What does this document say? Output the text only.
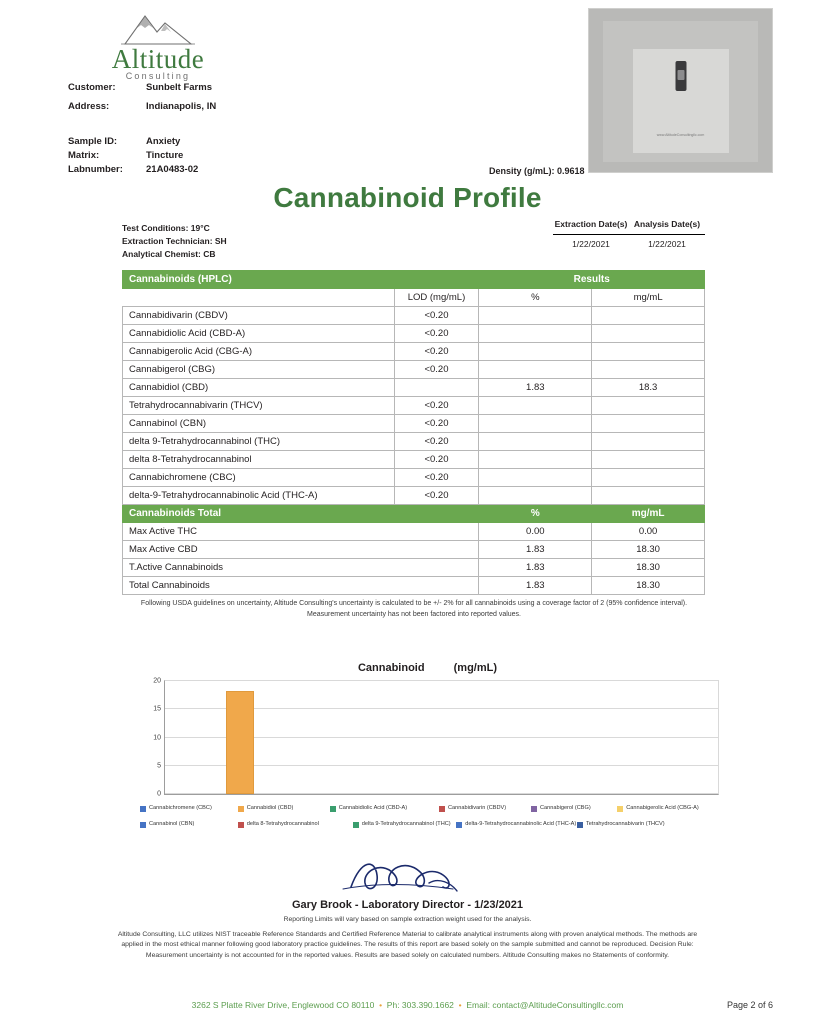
Altitude
Consulting
Customer:	Sunbelt Farms
Address:	Indianapolis, IN
Sample ID:	Anxiety
Matrix:	Tincture
Labnumber:	21A0483-02
www.AltitudeConsultingllc.com
Density (g/mL): 0.9618
Cannabinoid Profile
Test Conditions: 19°C
Extraction Technician: SH
Analytical Chemist: CB
Extraction Date(s) Analysis Date(s)
1/22/2021	1/22/2021
Cannabinoids (HPLC)		Results	
	LOD (mg/mL)	%	mg/mL
Cannabidivarin (CBDV)	<0.20		
Cannabidiolic Acid (CBD-A)	<0.20		
Cannabigerolic Acid (CBG-A)	<0.20		
Cannabigerol (CBG)	<0.20		
Cannabidiol (CBD)		1.83	18.3
Tetrahydrocannabivarin (THCV)	<0.20		
Cannabinol (CBN)	<0.20		
delta 9-Tetrahydrocannabinol (THC)	<0.20		
delta 8-Tetrahydrocannabinol	<0.20		
Cannabichromene (CBC)	<0.20		
delta-9-Tetrahydrocannabinolic Acid (THC-A)	<0.20		
Cannabinoids Total		%	mg/mL
Max Active THC		0.00	0.00
Max Active CBD		1.83	18.30
T.Active Cannabinoids		1.83	18.30
Total Cannabinoids		1.83	18.30
Following USDA guidelines on uncertainty, Altitude Consulting's uncertainty is calculated to be +/- 2% for all cannabinoids using a coverage factor of 2 (95% confidence interval). Measurement uncertainty has not been factored into reported values.
Cannabinoid	(mg/mL)
0
5
10
15
20
Cannabichromene (CBC)	Cannabidiol (CBD)	Cannabidiolic Acid (CBD-A)	Cannabidivarin (CBDV)	Cannabigerol (CBG)	Cannabigerolic Acid (CBG-A)
Cannabinol (CBN)	delta 8-Tetrahydrocannabinol	delta 9-Tetrahydrocannabinol (THC)	delta-9-Tetrahydrocannabinolic Acid (THC-A) Tetrahydrocannabivarin (THCV)
Gary Brook - Laboratory Director - 1/23/2021
Reporting Limits will vary based on sample extraction weight used for the analysis.
Altitude Consulting, LLC utilizes NIST traceable Reference Standards and Certified Reference Material to calibrate analytical instruments along with proven analytical methods. The methods are applied in the most ethical manner following good laboratory practice guidelines. The results of this report are based solely on the sample submitted and cannot be reproduced. Decision Rule: Measurement uncertainty is not accounted for in the reported values. Results are based solely on calculated numbers. Altitude Consulting makes no Statements of conformity.
3262 S Platte River Drive, Englewood CO 80110  •  Ph: 303.390.1662  •  Email: contact@AltitudeConsultingllc.com	Page 2 of 6
